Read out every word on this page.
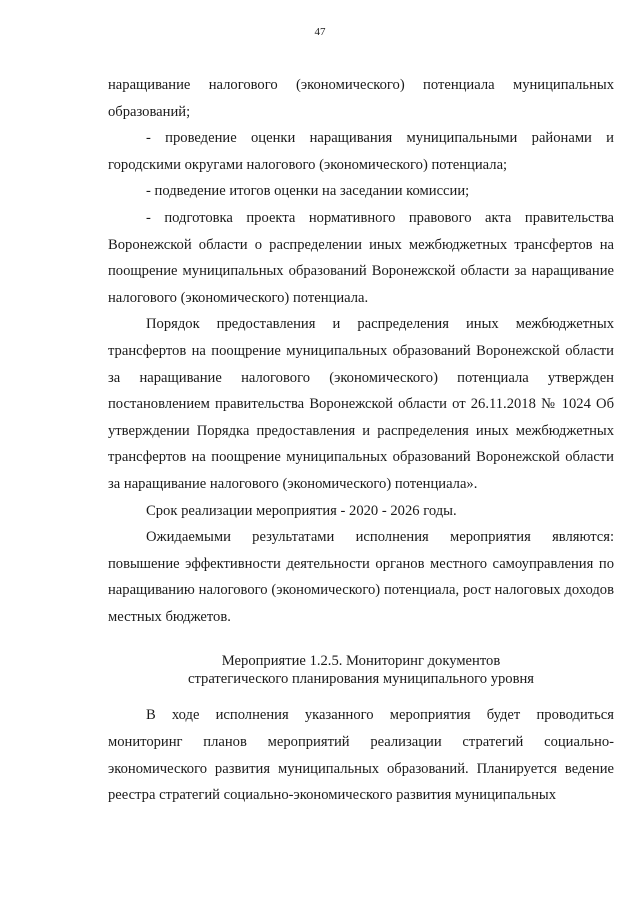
47

наращивание налогового (экономического) потенциала муниципальных образований;

- проведение оценки наращивания муниципальными районами и городскими округами налогового (экономического) потенциала;

- подведение итогов оценки на заседании комиссии;

- подготовка проекта нормативного правового акта правительства Воронежской области о распределении иных межбюджетных трансфертов на поощрение муниципальных образований Воронежской области за наращивание налогового (экономического) потенциала.

Порядок предоставления и распределения иных межбюджетных трансфертов на поощрение муниципальных образований Воронежской области за наращивание налогового (экономического) потенциала утвержден постановлением правительства Воронежской области от 26.11.2018 № 1024 Об утверждении Порядка предоставления и распределения иных межбюджетных трансфертов на поощрение муниципальных образований Воронежской области за наращивание налогового (экономического) потенциала».

Срок реализации мероприятия - 2020 - 2026 годы.

Ожидаемыми результатами исполнения мероприятия являются: повышение эффективности деятельности органов местного самоуправления по наращиванию налогового (экономического) потенциала, рост налоговых доходов местных бюджетов.

Мероприятие 1.2.5. Мониторинг документов
стратегического планирования муниципального уровня

В ходе исполнения указанного мероприятия будет проводиться мониторинг планов мероприятий реализации стратегий социально-экономического развития муниципальных образований. Планируется ведение реестра стратегий социально-экономического развития муниципальных
